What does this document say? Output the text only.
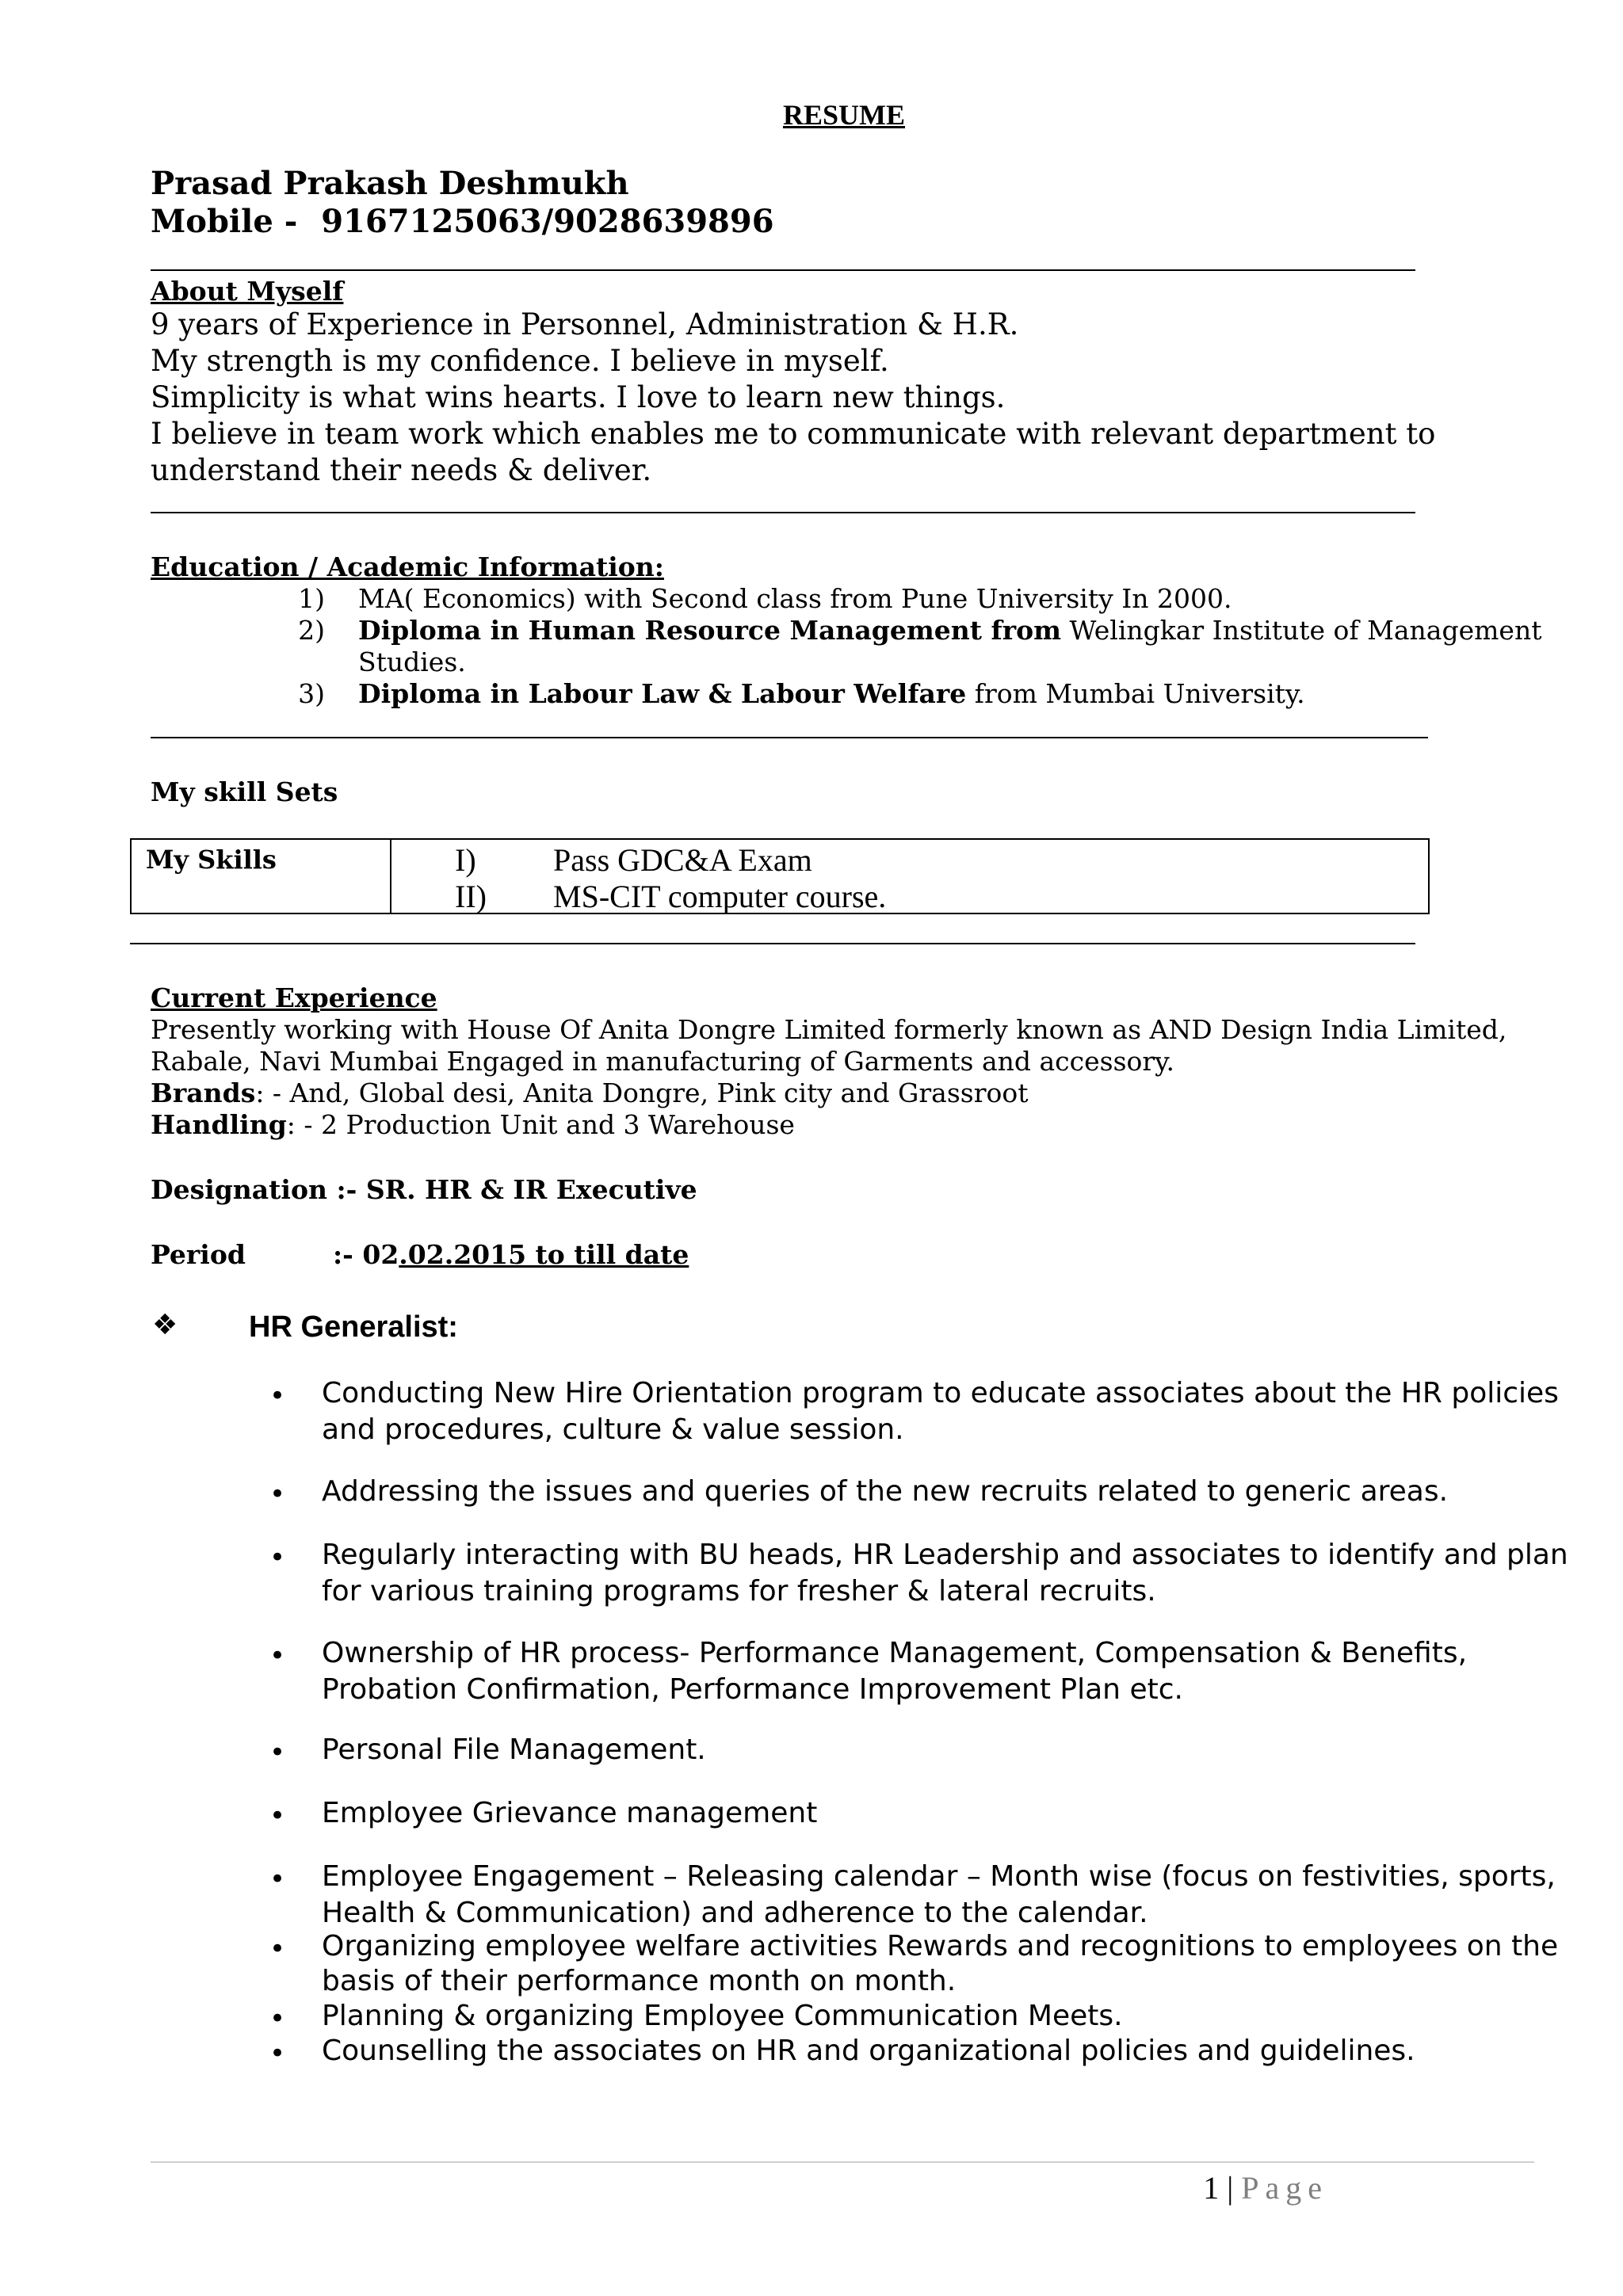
RESUME
Prasad Prakash Deshmukh
Mobile - 9167125063/9028639896
About Myself
9 years of Experience in Personnel, Administration & H.R.
My strength is my confidence. I believe in myself.
Simplicity is what wins hearts. I love to learn new things.
I believe in team work which enables me to communicate with relevant department to
understand their needs & deliver.
Education / Academic Information:
1) MA( Economics) with Second class from Pune University In 2000.
2) Diploma in Human Resource Management from Welingkar Institute of Management
Studies.
3) Diploma in Labour Law & Labour Welfare from Mumbai University.
My skill Sets
My Skills	I) Pass GDC&A Exam
II) MS-CIT computer course.
Current Experience
Presently working with House Of Anita Dongre Limited formerly known as AND Design India Limited,
Rabale, Navi Mumbai Engaged in manufacturing of Garments and accessory.
Brands: - And, Global desi, Anita Dongre, Pink city and Grassroot
Handling: - 2 Production Unit and 3 Warehouse
Designation :- SR. HR & IR Executive
Period	:- 02.02.2015 to till date
❖ HR Generalist:
• Conducting New Hire Orientation program to educate associates about the HR policies
and procedures, culture & value session.
• Addressing the issues and queries of the new recruits related to generic areas.
• Regularly interacting with BU heads, HR Leadership and associates to identify and plan
for various training programs for fresher & lateral recruits.
• Ownership of HR process- Performance Management, Compensation & Benefits,
Probation Confirmation, Performance Improvement Plan etc.
• Personal File Management.
• Employee Grievance management
• Employee Engagement – Releasing calendar – Month wise (focus on festivities, sports,
Health & Communication) and adherence to the calendar.
• Organizing employee welfare activities Rewards and recognitions to employees on the
basis of their performance month on month.
• Planning & organizing Employee Communication Meets.
• Counselling the associates on HR and organizational policies and guidelines.
1 | Page
